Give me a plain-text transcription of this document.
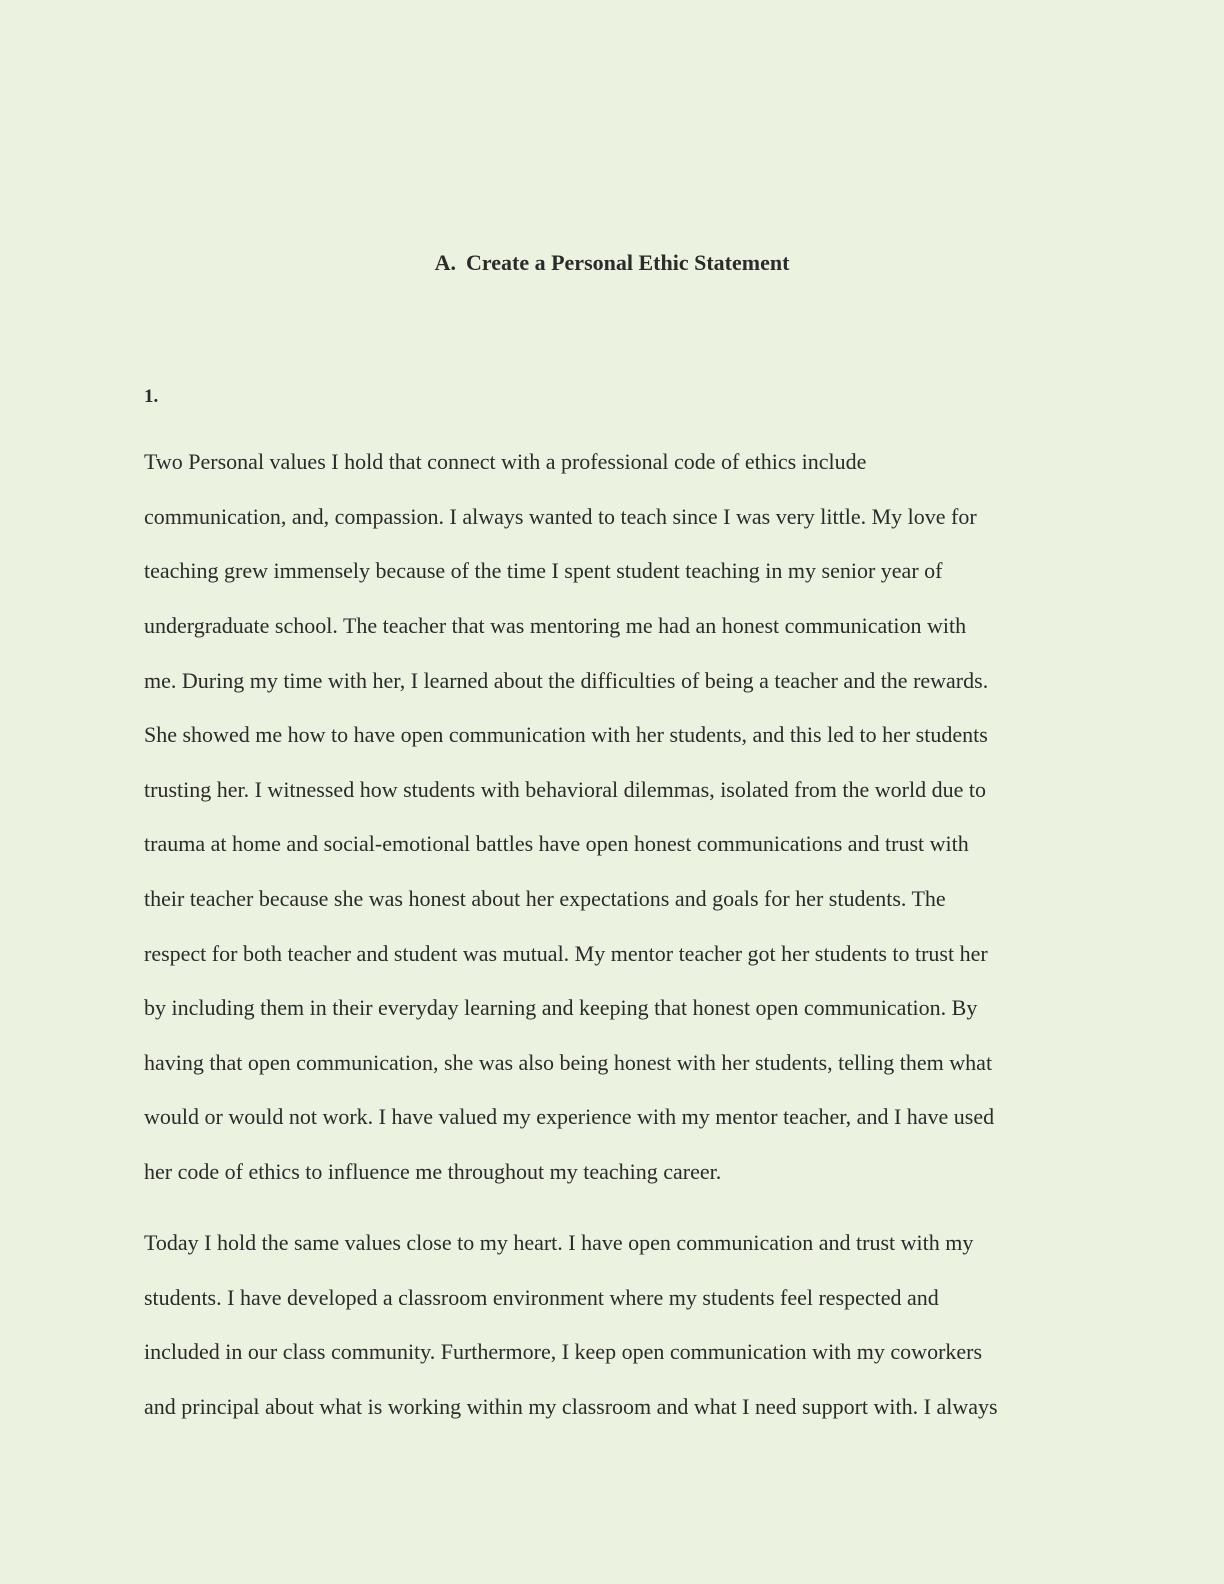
A. Create a Personal Ethic Statement

1.

Two Personal values I hold that connect with a professional code of ethics include

communication, and, compassion. I always wanted to teach since I was very little. My love for

teaching grew immensely because of the time I spent student teaching in my senior year of

undergraduate school. The teacher that was mentoring me had an honest communication with

me. During my time with her, I learned about the difficulties of being a teacher and the rewards.

She showed me how to have open communication with her students, and this led to her students

trusting her. I witnessed how students with behavioral dilemmas, isolated from the world due to

trauma at home and social-emotional battles have open honest communications and trust with

their teacher because she was honest about her expectations and goals for her students. The

respect for both teacher and student was mutual. My mentor teacher got her students to trust her

by including them in their everyday learning and keeping that honest open communication. By

having that open communication, she was also being honest with her students, telling them what

would or would not work. I have valued my experience with my mentor teacher, and I have used

her code of ethics to influence me throughout my teaching career.

Today I hold the same values close to my heart. I have open communication and trust with my

students. I have developed a classroom environment where my students feel respected and

included in our class community. Furthermore, I keep open communication with my coworkers

and principal about what is working within my classroom and what I need support with. I always
